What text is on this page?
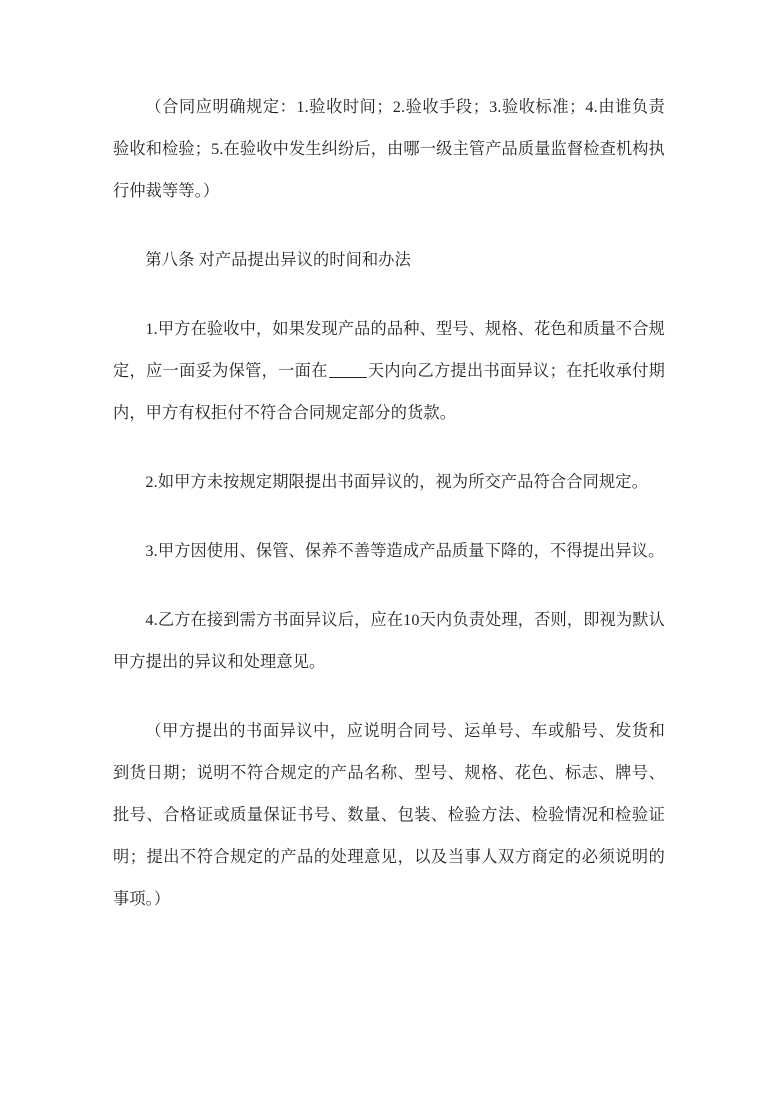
（合同应明确规定：1.验收时间；2.验收手段；3.验收标准；4.由谁负责验收和检验；5.在验收中发生纠纷后，由哪一级主管产品质量监督检查机构执行仲裁等等。）

第八条 对产品提出异议的时间和办法

1.甲方在验收中，如果发现产品的品种、型号、规格、花色和质量不合规定，应一面妥为保管，一面在 天内向乙方提出书面异议；在托收承付期内，甲方有权拒付不符合合同规定部分的货款。

2.如甲方未按规定期限提出书面异议的，视为所交产品符合合同规定。

3.甲方因使用、保管、保养不善等造成产品质量下降的，不得提出异议。

4.乙方在接到需方书面异议后，应在10天内负责处理，否则，即视为默认甲方提出的异议和处理意见。

（甲方提出的书面异议中，应说明合同号、运单号、车或船号、发货和到货日期；说明不符合规定的产品名称、型号、规格、花色、标志、牌号、批号、合格证或质量保证书号、数量、包装、检验方法、检验情况和检验证明；提出不符合规定的产品的处理意见，以及当事人双方商定的必须说明的事项。）
